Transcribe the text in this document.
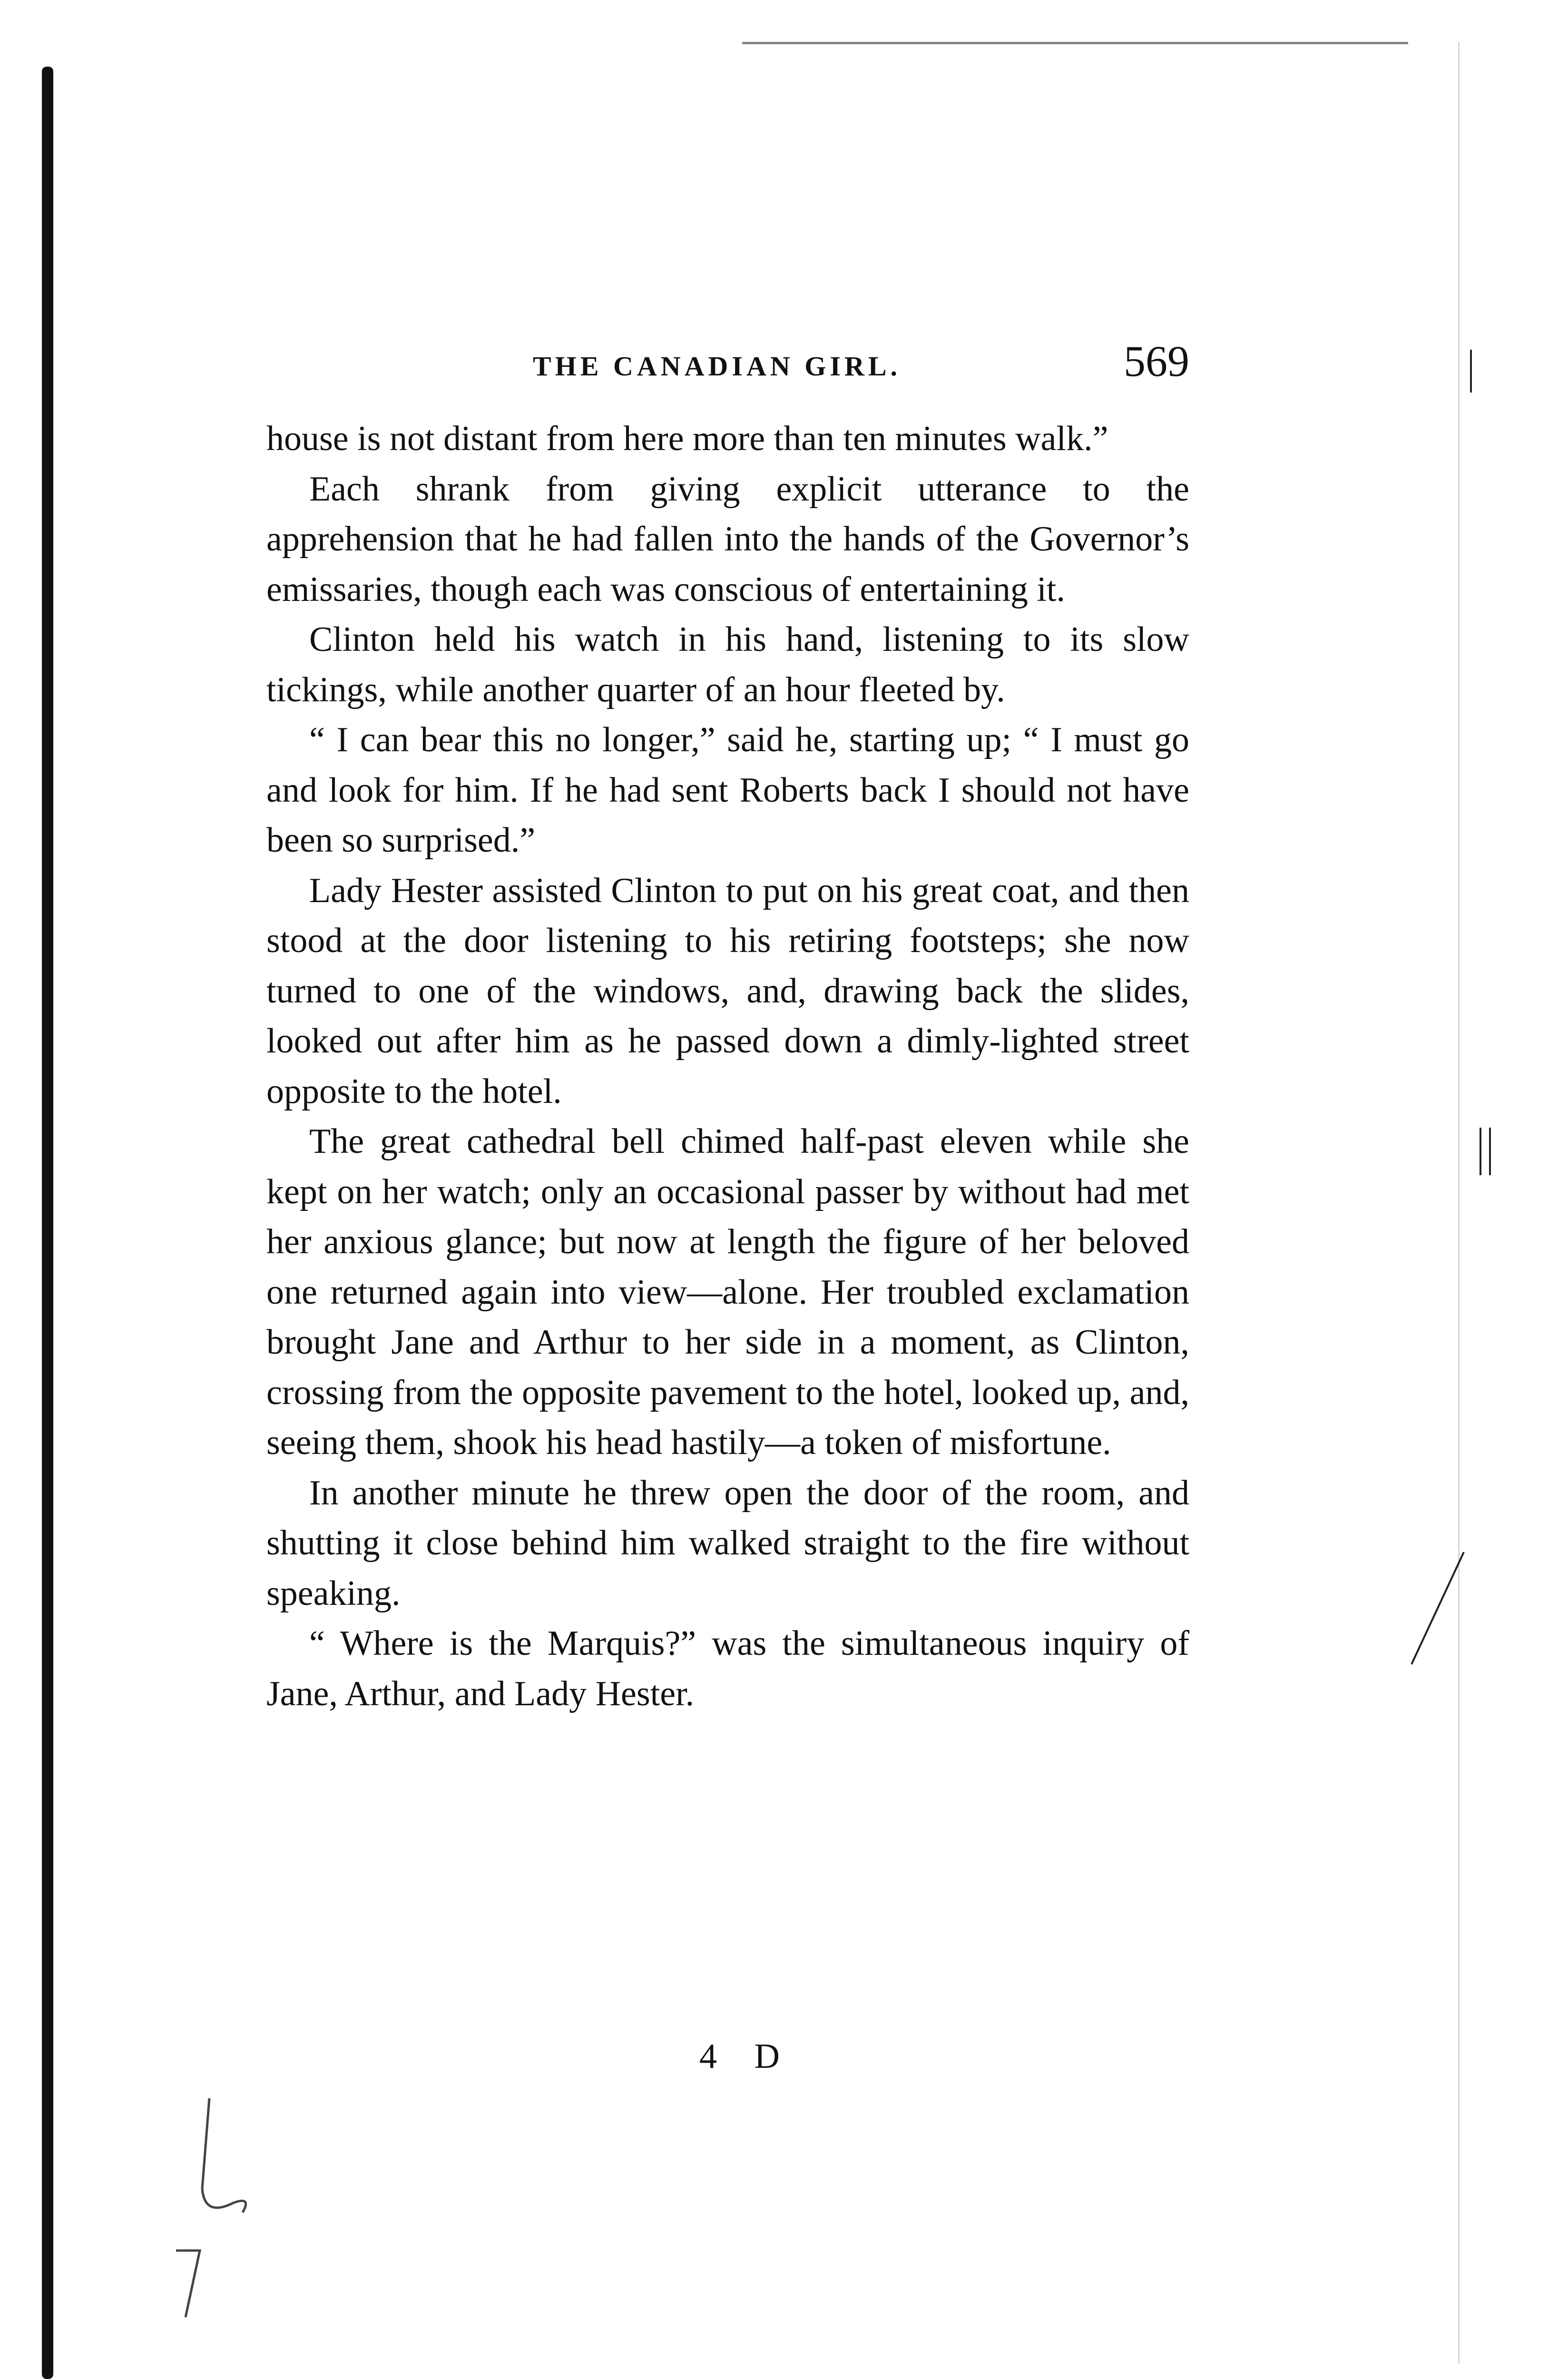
THE CANADIAN GIRL.	569

house is not distant from here more than ten minutes walk.”

Each shrank from giving explicit utterance to the apprehension that he had fallen into the hands of the Governor’s emissaries, though each was conscious of entertaining it.

Clinton held his watch in his hand, listening to its slow tickings, while another quarter of an hour fleeted by.

“ I can bear this no longer,” said he, starting up; “ I must go and look for him. If he had sent Roberts back I should not have been so surprised.”

Lady Hester assisted Clinton to put on his great coat, and then stood at the door listening to his retiring footsteps; she now turned to one of the windows, and, drawing back the slides, looked out after him as he passed down a dimly-lighted street opposite to the hotel.

The great cathedral bell chimed half-past eleven while she kept on her watch; only an occasional passer by without had met her anxious glance; but now at length the figure of her beloved one returned again into view—alone. Her troubled exclamation brought Jane and Arthur to her side in a moment, as Clinton, crossing from the opposite pavement to the hotel, looked up, and, seeing them, shook his head hastily—a token of misfortune.

In another minute he threw open the door of the room, and shutting it close behind him walked straight to the fire without speaking.

“ Where is the Marquis?” was the simultaneous inquiry of Jane, Arthur, and Lady Hester.

4 D
